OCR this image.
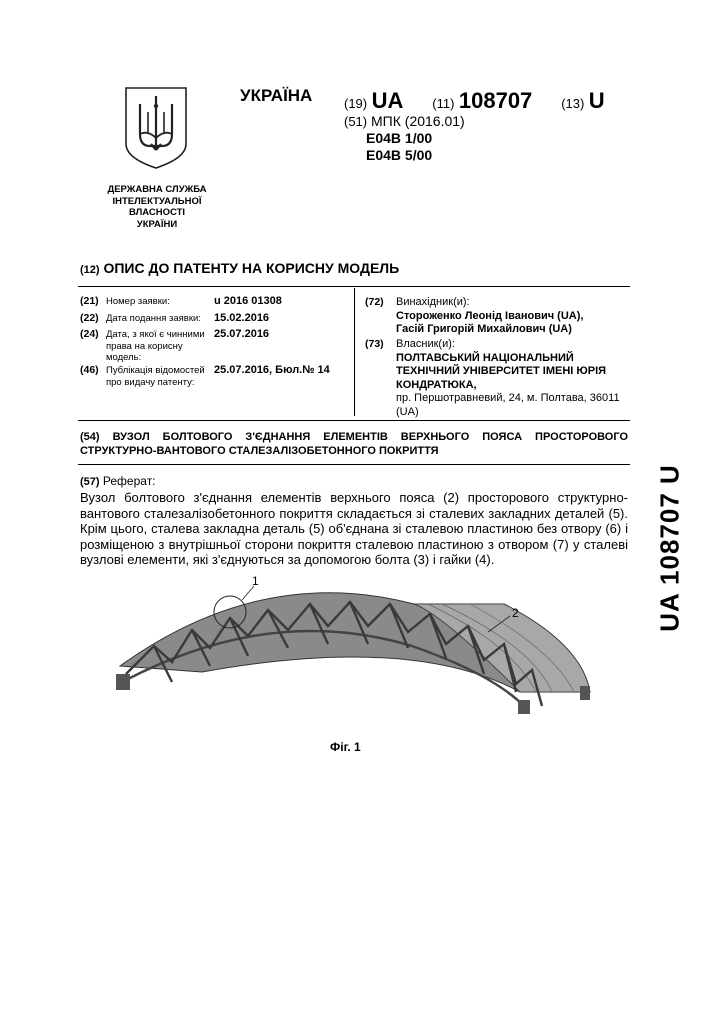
ДЕРЖАВНА СЛУЖБА
ІНТЕЛЕКТУАЛЬНОЇ
ВЛАСНОСТІ
УКРАЇНИ
УКРАЇНА (19) UA (11) 108707 (13) U
(51) МПК (2016.01)
E04B 1/00
E04B 5/00
(12) ОПИС ДО ПАТЕНТУ НА КОРИСНУ МОДЕЛЬ
(21) Номер заявки:	u 2016 01308
(22) Дата подання заявки:	15.02.2016
(24) Дата, з якої є чинними права на корисну модель:
25.07.2016
(46) Публікація відомостей про видачу патенту:
25.07.2016, Бюл.№ 14
(72) Винахідник(и):
Стороженко Леонід Іванович (UA),
Гасій Григорій Михайлович (UA)
(73) Власник(и):
ПОЛТАВСЬКИЙ НАЦІОНАЛЬНИЙ
ТЕХНІЧНИЙ УНІВЕРСИТЕТ ІМЕНІ ЮРІЯ
КОНДРАТЮКА,
пр. Першотравневий, 24, м. Полтава, 36011 (UA)
(54) ВУЗОЛ БОЛТОВОГО З'ЄДНАННЯ ЕЛЕМЕНТІВ ВЕРХНЬОГО ПОЯСА ПРОСТОРОВОГО СТРУКТУРНО-ВАНТОВОГО СТАЛЕЗАЛІЗОБЕТОННОГО ПОКРИТТЯ
(57) Реферат:
Вузол болтового з'єднання елементів верхнього пояса (2) просторового структурно-вантового сталезалізобетонного покриття складається зі сталевих закладних деталей (5). Крім цього, сталева закладна деталь (5) об'єднана зі сталевою пластиною без отвору (6) і розміщеною з внутрішньої сторони покриття сталевою пластиною з отвором (7) у сталеві вузлові елементи, які з'єднуються за допомогою болта (3) і гайки (4).
1
2
Фіг. 1
UA 108707 U
